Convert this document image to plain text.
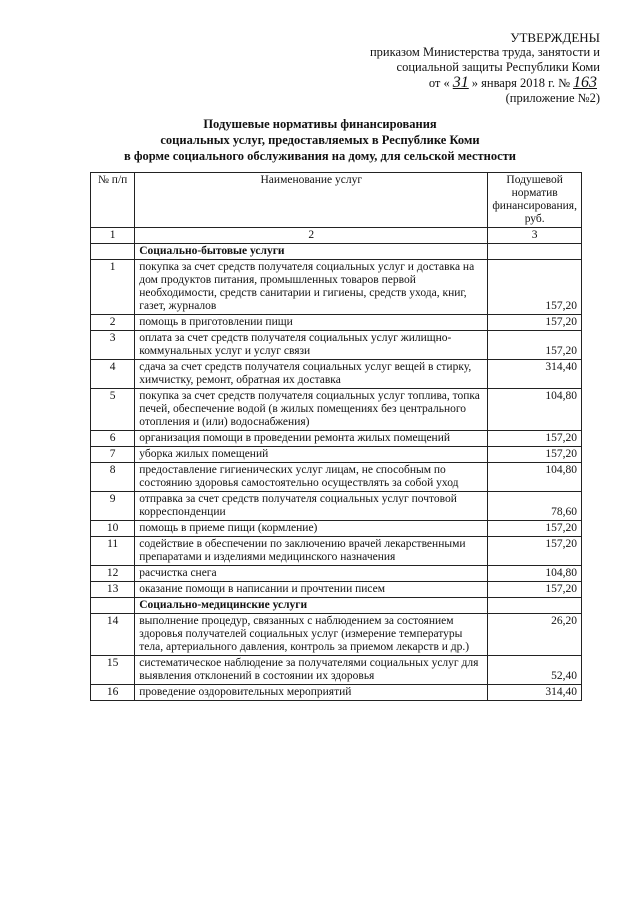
УТВЕРЖДЕНЫ
приказом Министерства труда, занятости и
социальной защиты Республики Коми
от « 31 » января 2018 г. № 163
(приложение №2)
Подушевые нормативы финансирования
социальных услуг, предоставляемых в Республике Коми
в форме социального обслуживания на дому, для сельской местности
№ п/п	Наименование услуг	Подушевой норматив финансирования, руб.
1	2	3
	Социально-бытовые услуги	
1	покупка за счет средств получателя социальных услуг и доставка на дом продуктов питания, промышленных товаров первой необходимости, средств санитарии и гигиены, средств ухода, книг, газет, журналов	157,20
2	помощь в приготовлении пищи	157,20
3	оплата за счет средств получателя социальных услуг жилищно-коммунальных услуг и услуг связи	157,20
4	сдача за счет средств получателя социальных услуг вещей в стирку, химчистку, ремонт, обратная их доставка	314,40
5	покупка за счет средств получателя социальных услуг топлива, топка печей, обеспечение водой (в жилых помещениях без центрального отопления и (или) водоснабжения)	104,80
6	организация помощи в проведении ремонта жилых помещений	157,20
7	уборка жилых помещений	157,20
8	предоставление гигиенических услуг лицам, не способным по состоянию здоровья самостоятельно осуществлять за собой уход	104,80
9	отправка за счет средств получателя социальных услуг почтовой корреспонденции	78,60
10	помощь в приеме пищи (кормление)	157,20
11	содействие в обеспечении по заключению врачей лекарственными препаратами и изделиями медицинского назначения	157,20
12	расчистка снега	104,80
13	оказание помощи в написании и прочтении писем	157,20
	Социально-медицинские услуги	
14	выполнение процедур, связанных с наблюдением за состоянием здоровья получателей социальных услуг (измерение температуры тела, артериального давления, контроль за приемом лекарств и др.)	26,20
15	систематическое наблюдение за получателями социальных услуг для выявления отклонений в состоянии их здоровья	52,40
16	проведение оздоровительных мероприятий	314,40
